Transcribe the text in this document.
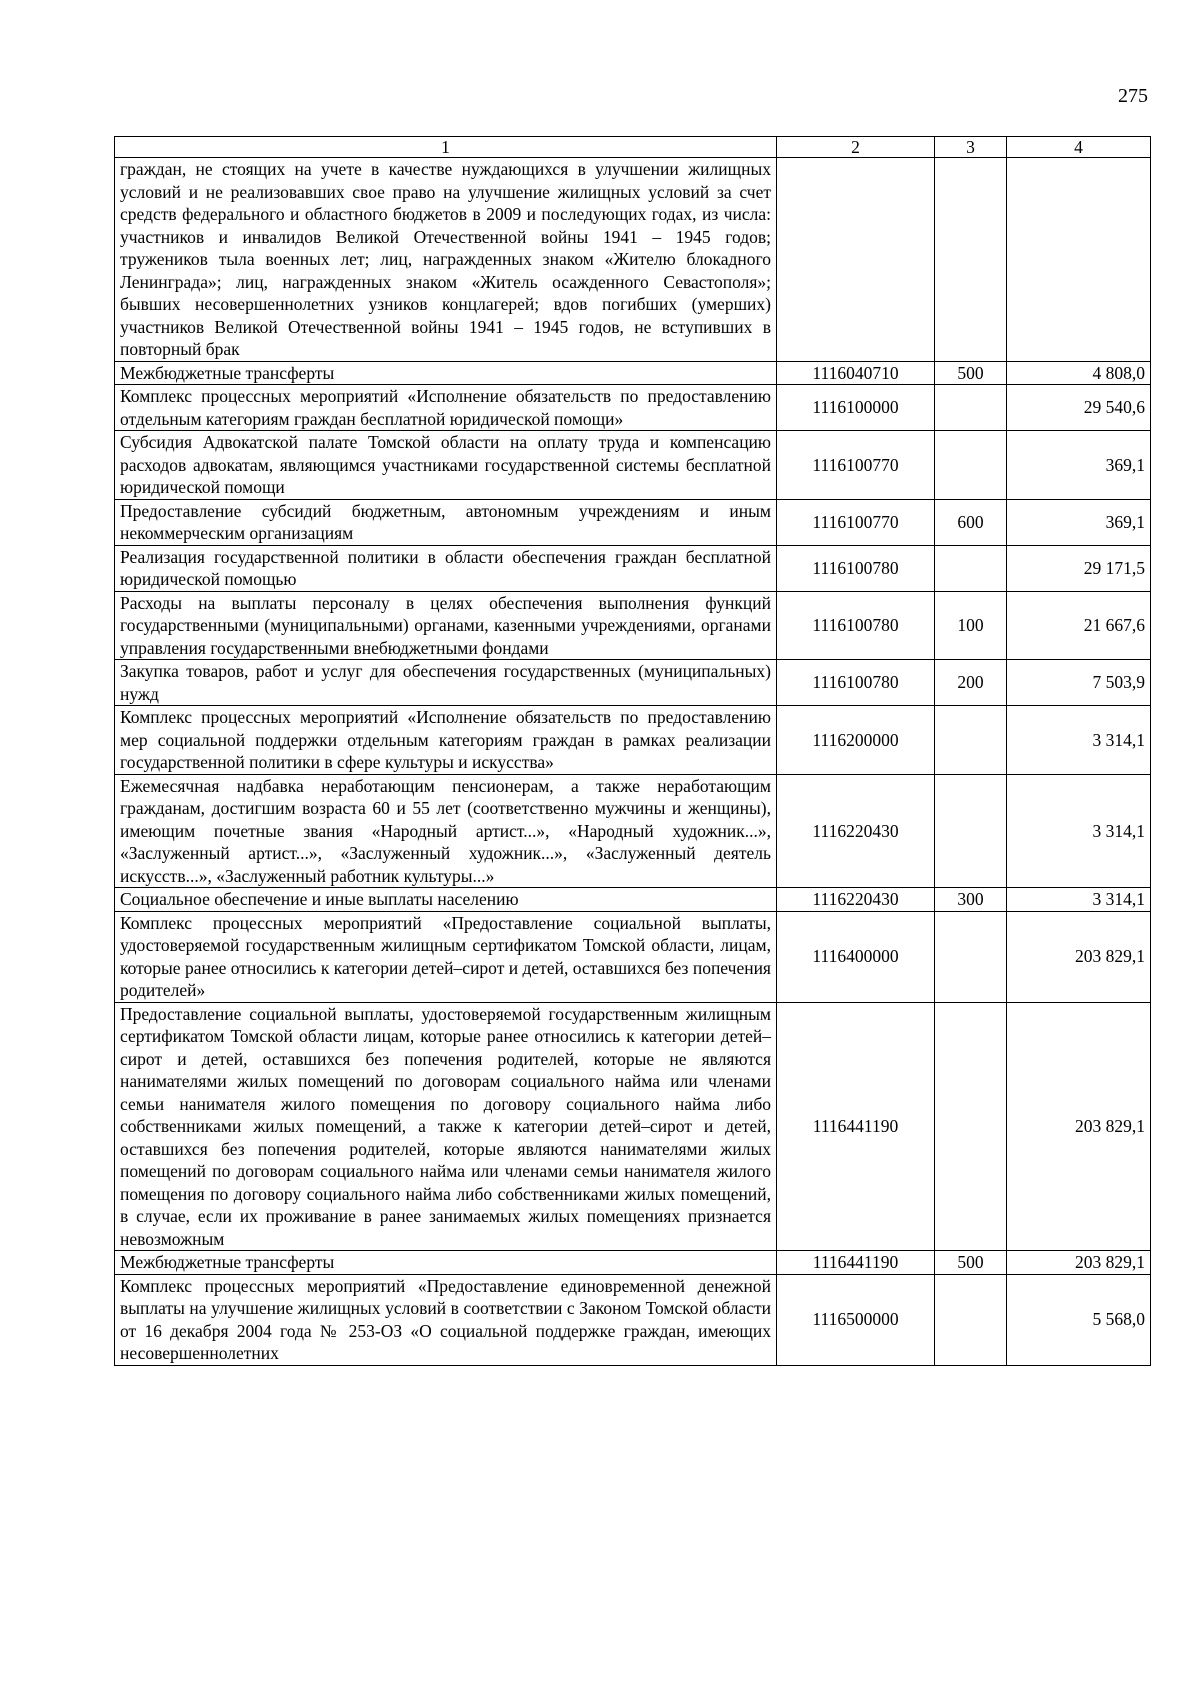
275
1	2	3	4
граждан, не стоящих на учете в качестве нуждающихся в улучшении жилищных условий и не реализовавших свое право на улучшение жилищных условий за счет средств федерального и областного бюджетов в 2009 и последующих годах, из числа: участников и инвалидов Великой Отечественной войны 1941 – 1945 годов; тружеников тыла военных лет; лиц, награжденных знаком «Жителю блокадного Ленинграда»; лиц, награжденных знаком «Житель осажденного Севастополя»; бывших несовершеннолетних узников концлагерей; вдов погибших (умерших) участников Великой Отечественной войны 1941 – 1945 годов, не вступивших в повторный брак			
Межбюджетные трансферты	1116040710	500	4 808,0
Комплекс процессных мероприятий «Исполнение обязательств по предоставлению отдельным категориям граждан бесплатной юридической помощи»	1116100000		29 540,6
Субсидия Адвокатской палате Томской области на оплату труда и компенсацию расходов адвокатам, являющимся участниками государственной системы бесплатной юридической помощи	1116100770		369,1
Предоставление субсидий бюджетным, автономным учреждениям и иным некоммерческим организациям	1116100770	600	369,1
Реализация государственной политики в области обеспечения граждан бесплатной юридической помощью	1116100780		29 171,5
Расходы на выплаты персоналу в целях обеспечения выполнения функций государственными (муниципальными) органами, казенными учреждениями, органами управления государственными внебюджетными фондами	1116100780	100	21 667,6
Закупка товаров, работ и услуг для обеспечения государственных (муниципальных) нужд	1116100780	200	7 503,9
Комплекс процессных мероприятий «Исполнение обязательств по предоставлению мер социальной поддержки отдельным категориям граждан в рамках реализации государственной политики в сфере культуры и искусства»	1116200000		3 314,1
Ежемесячная надбавка неработающим пенсионерам, а также неработающим гражданам, достигшим возраста 60 и 55 лет (соответственно мужчины и женщины), имеющим почетные звания «Народный артист...», «Народный художник...», «Заслуженный артист...», «Заслуженный художник...», «Заслуженный деятель искусств...», «Заслуженный работник культуры...»	1116220430		3 314,1
Социальное обеспечение и иные выплаты населению	1116220430	300	3 314,1
Комплекс процессных мероприятий «Предоставление социальной выплаты, удостоверяемой государственным жилищным сертификатом Томской области, лицам, которые ранее относились к категории детей–сирот и детей, оставшихся без попечения родителей»	1116400000		203 829,1
Предоставление социальной выплаты, удостоверяемой государственным жилищным сертификатом Томской области лицам, которые ранее относились к категории детей–сирот и детей, оставшихся без попечения родителей, которые не являются нанимателями жилых помещений по договорам социального найма или членами семьи нанимателя жилого помещения по договору социального найма либо собственниками жилых помещений, а также к категории детей–сирот и детей, оставшихся без попечения родителей, которые являются нанимателями жилых помещений по договорам социального найма или членами семьи нанимателя жилого помещения по договору социального найма либо собственниками жилых помещений, в случае, если их проживание в ранее занимаемых жилых помещениях признается невозможным	1116441190		203 829,1
Межбюджетные трансферты	1116441190	500	203 829,1
Комплекс процессных мероприятий «Предоставление единовременной денежной выплаты на улучшение жилищных условий в соответствии с Законом Томской области от 16 декабря 2004 года № 253-ОЗ «О социальной поддержке граждан, имеющих несовершеннолетних	1116500000		5 568,0
